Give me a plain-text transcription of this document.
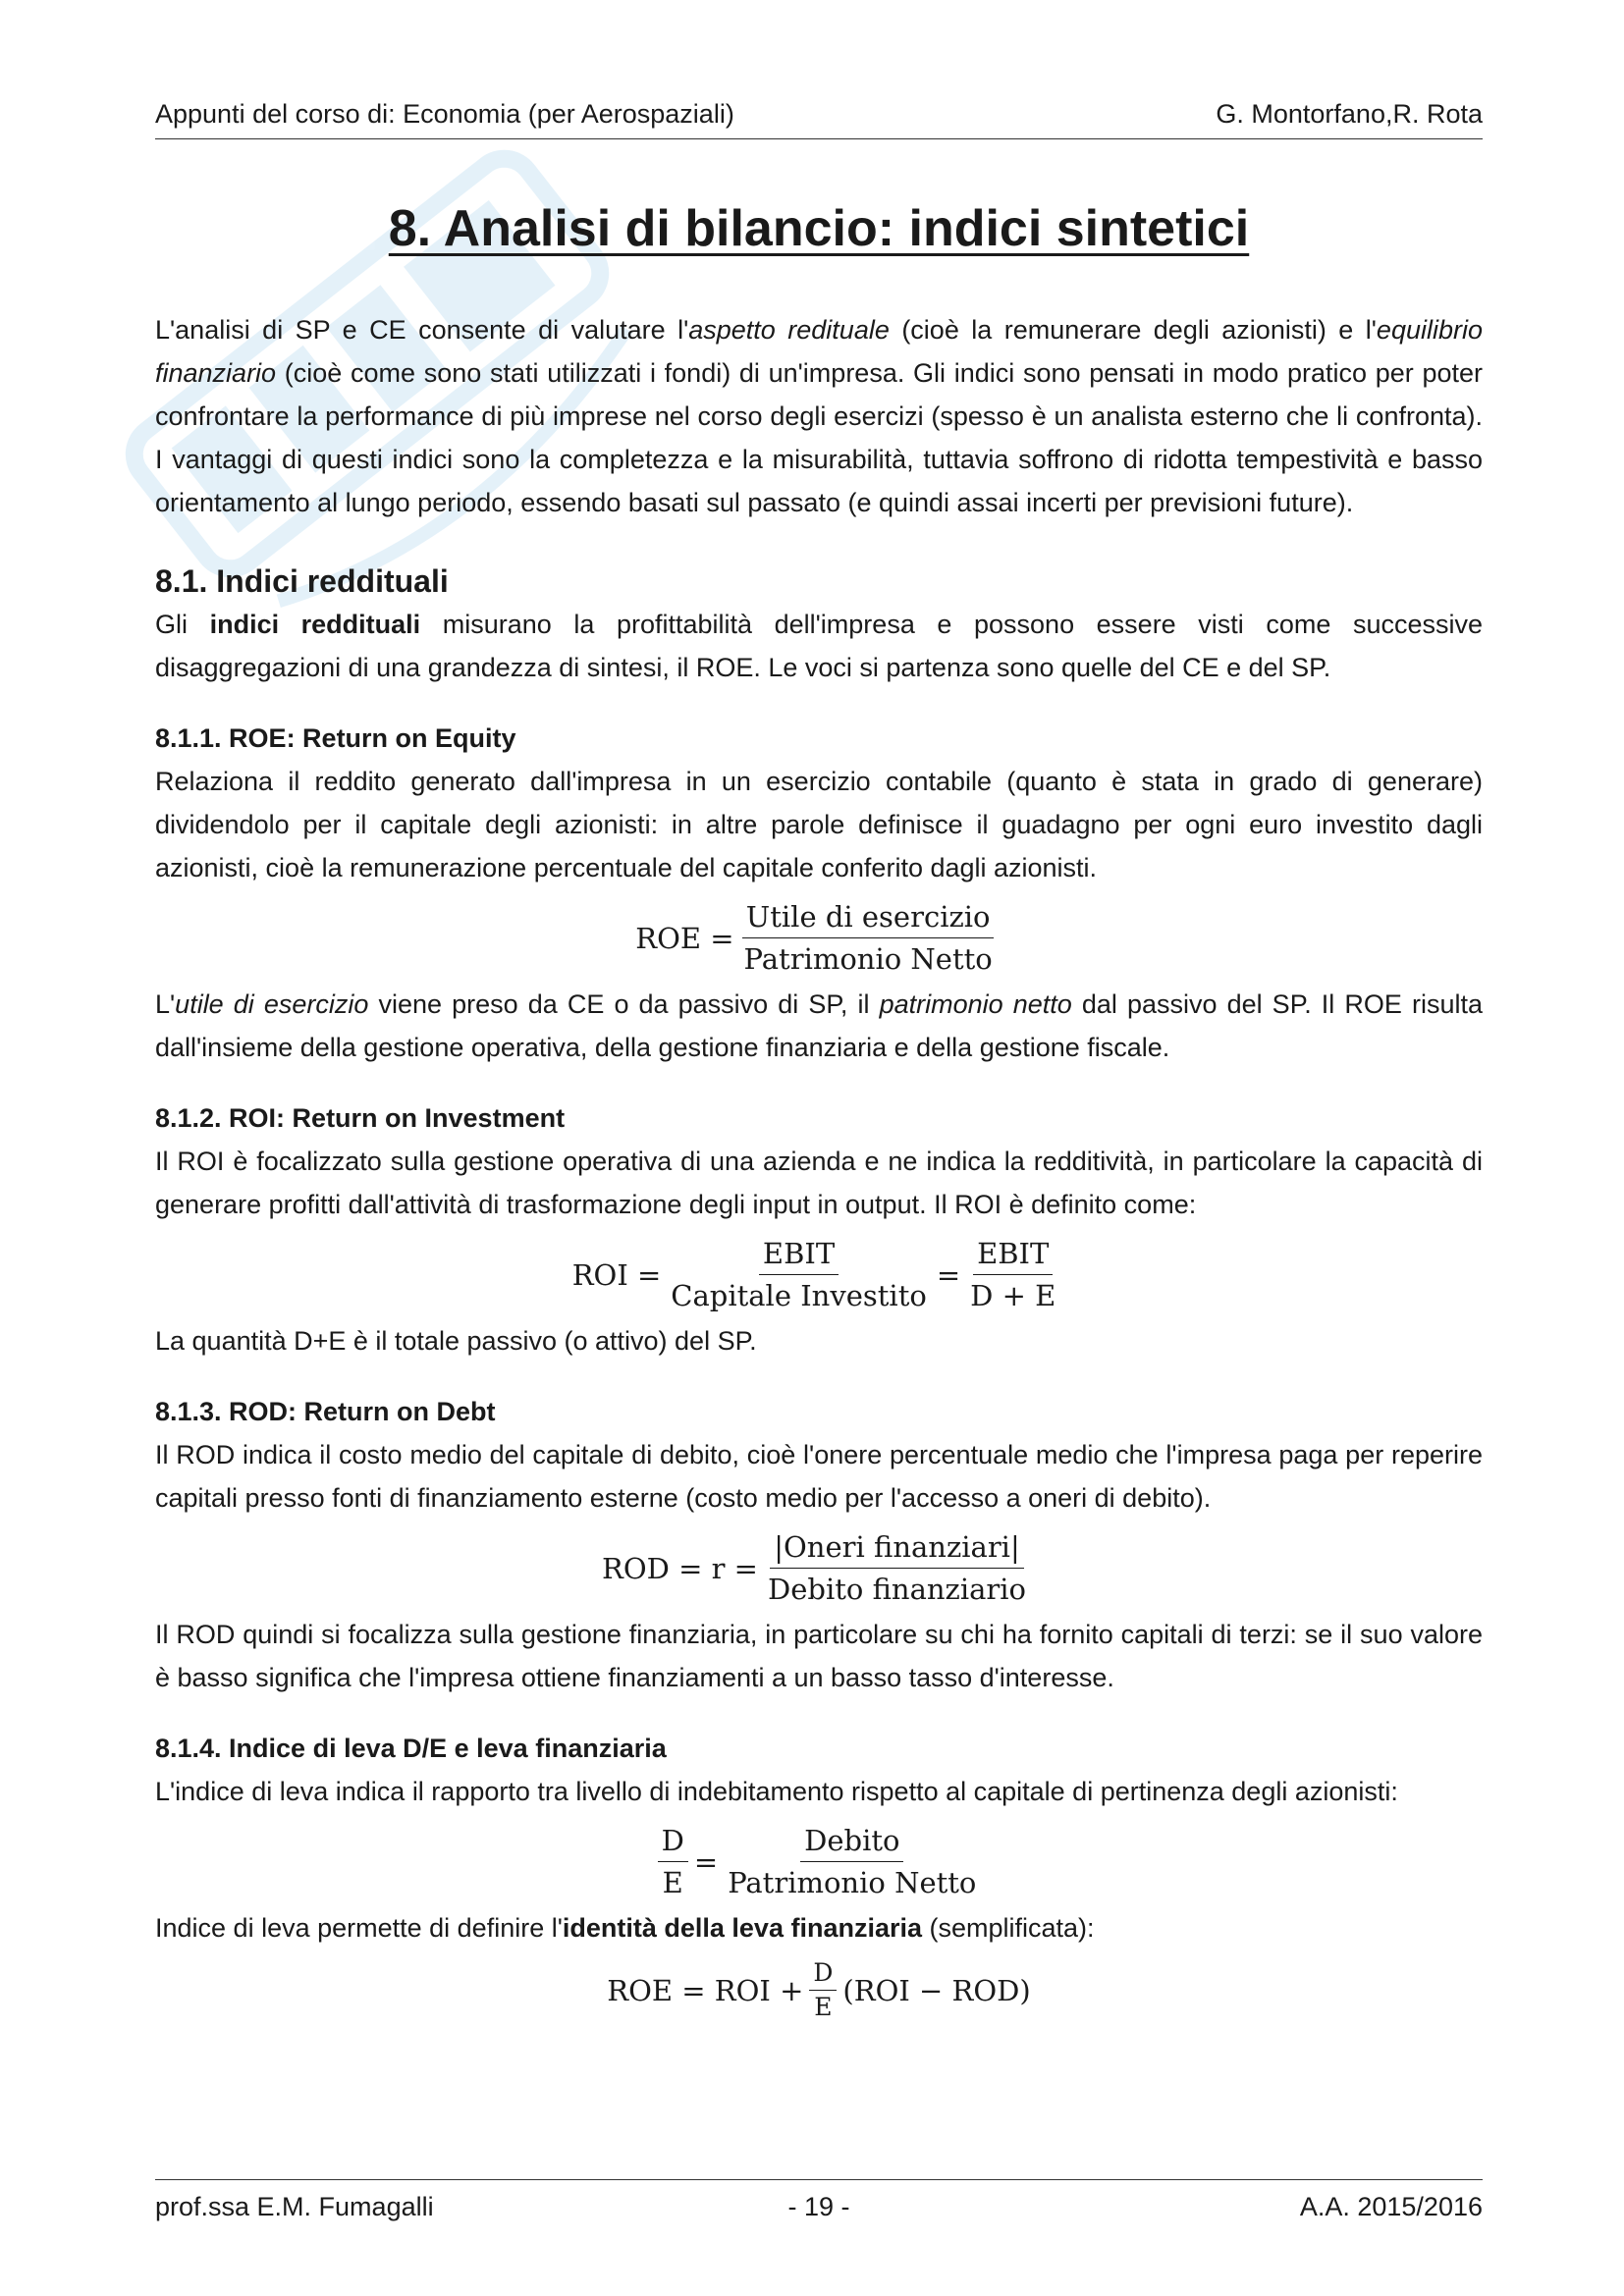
Appunti del corso di: Economia (per Aerospaziali)	G. Montorfano,R. Rota
8. Analisi di bilancio: indici sintetici

L'analisi di SP e CE consente di valutare l'aspetto redituale (cioè la remunerare degli azionisti) e l'equilibrio finanziario (cioè come sono stati utilizzati i fondi) di un'impresa. Gli indici sono pensati in modo pratico per poter confrontare la performance di più imprese nel corso degli esercizi (spesso è un analista esterno che li confronta). I vantaggi di questi indici sono la completezza e la misurabilità, tuttavia soffrono di ridotta tempestività e basso orientamento al lungo periodo, essendo basati sul passato (e quindi assai incerti per previsioni future).

8.1. Indici reddituali

Gli indici reddituali misurano la profittabilità dell'impresa e possono essere visti come successive disaggregazioni di una grandezza di sintesi, il ROE. Le voci si partenza sono quelle del CE e del SP.

8.1.1. ROE: Return on Equity

Relaziona il reddito generato dall'impresa in un esercizio contabile (quanto è stata in grado di generare) dividendolo per il capitale degli azionisti: in altre parole definisce il guadagno per ogni euro investito dagli azionisti, cioè la remunerazione percentuale del capitale conferito dagli azionisti.

ROE = $\frac{\text{Utile di esercizio}}{\text{Patrimonio Netto}}$

L'utile di esercizio viene preso da CE o da passivo di SP, il patrimonio netto dal passivo del SP. Il ROE risulta dall'insieme della gestione operativa, della gestione finanziaria e della gestione fiscale.

8.1.2. ROI: Return on Investment

Il ROI è focalizzato sulla gestione operativa di una azienda e ne indica la redditività, in particolare la capacità di generare profitti dall'attività di trasformazione degli input in output. Il ROI è definito come:

ROI = $\frac{\text{EBIT}}{\text{Capitale Investito}} = \frac{\text{EBIT}}{D + E}$

La quantità D+E è il totale passivo (o attivo) del SP.

8.1.3. ROD: Return on Debt

Il ROD indica il costo medio del capitale di debito, cioè l'onere percentuale medio che l'impresa paga per reperire capitali presso fonti di finanziamento esterne (costo medio per l'accesso a oneri di debito).

ROD = $r = \frac{\text{|Oneri finanziari|}}{\text{Debito finanziario}}$

Il ROD quindi si focalizza sulla gestione finanziaria, in particolare su chi ha fornito capitali di terzi: se il suo valore è basso significa che l'impresa ottiene finanziamenti a un basso tasso d'interesse.

8.1.4. Indice di leva D/E e leva finanziaria

L'indice di leva indica il rapporto tra livello di indebitamento rispetto al capitale di pertinenza degli azionisti:

$\frac{D}{E} = \frac{\text{Debito}}{\text{Patrimonio Netto}}$

Indice di leva permette di definire l'identità della leva finanziaria (semplificata):

ROE = ROI + $\frac{D}{E} (ROI - ROD)$
prof.ssa E.M. Fumagalli	- 19 -	A.A. 2015/2016
